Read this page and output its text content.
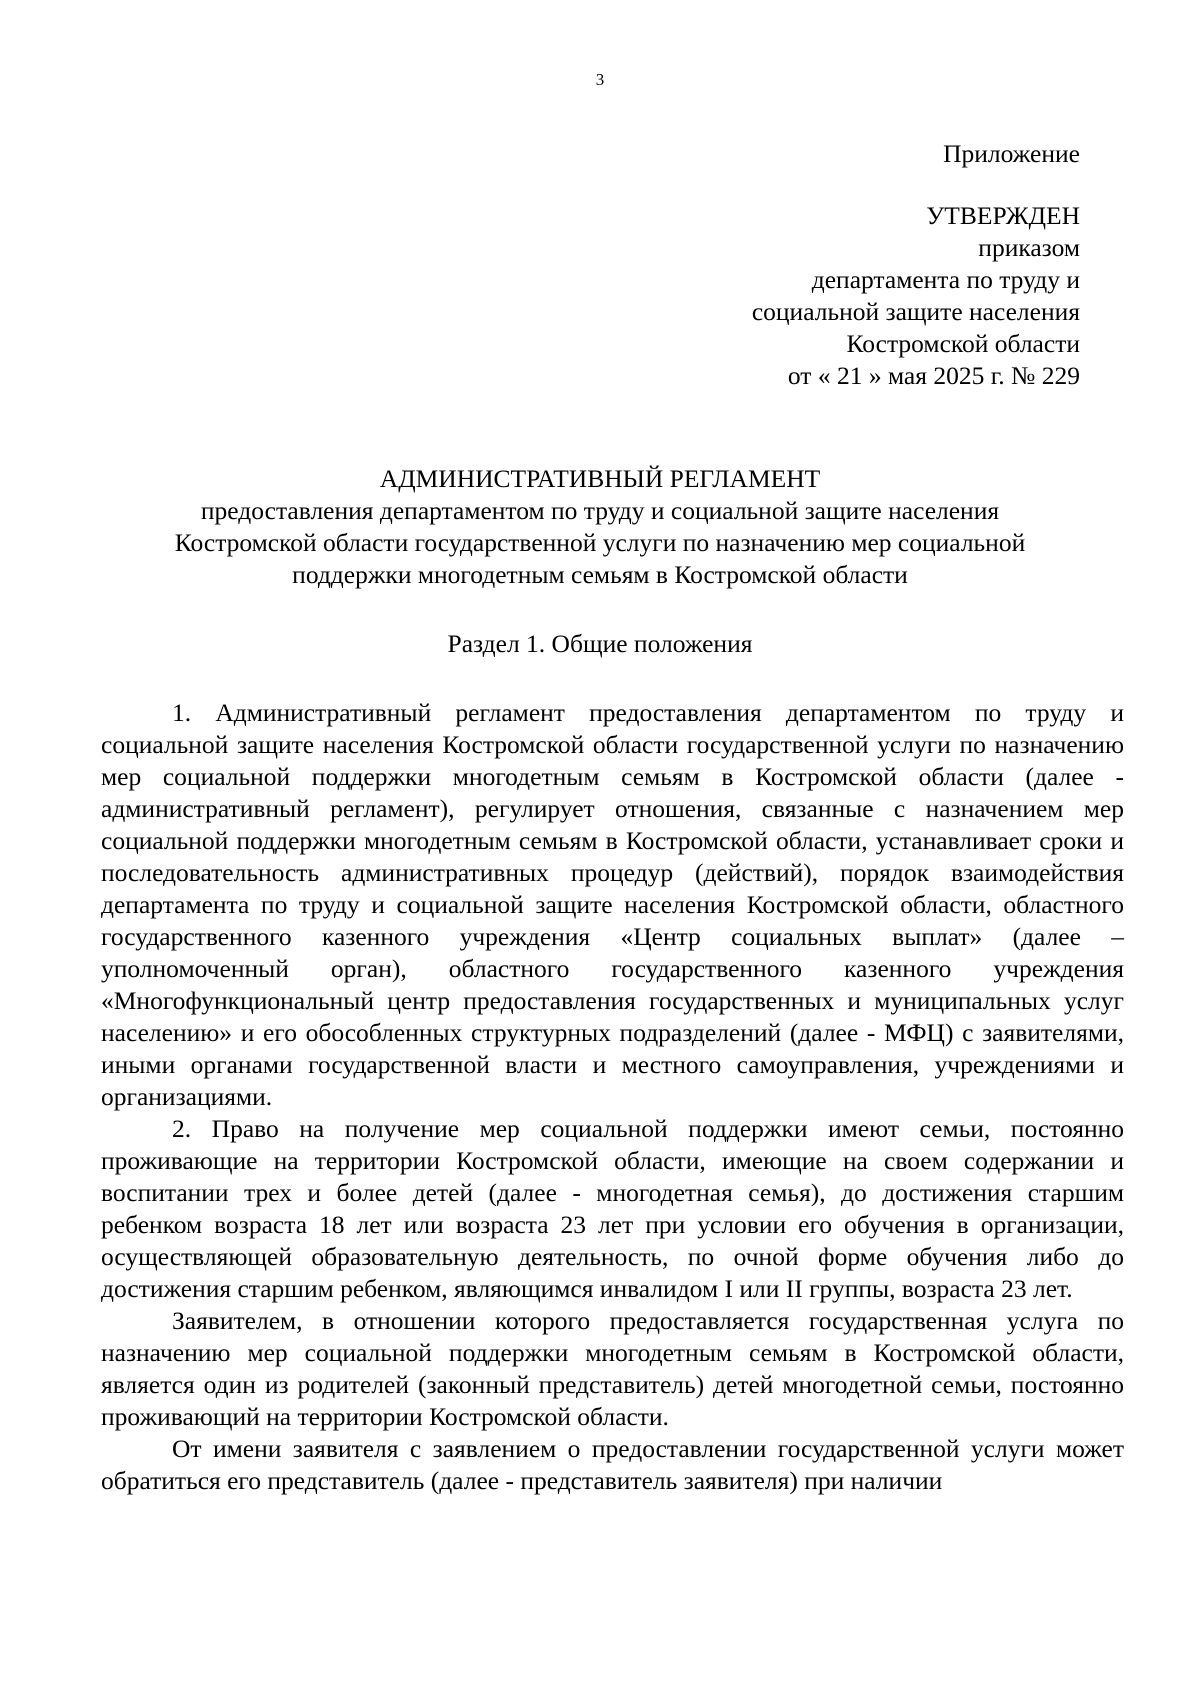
3
Приложение
УТВЕРЖДЕН
приказом
департамента по труду и
социальной защите населения
Костромской области
от « 21 » мая 2025 г. № 229
АДМИНИСТРАТИВНЫЙ РЕГЛАМЕНТ
предоставления департаментом по труду и социальной защите населения
Костромской области государственной услуги по назначению мер социальной
поддержки многодетным семьям в Костромской области
Раздел 1. Общие положения

1. Административный регламент предоставления департаментом по труду и социальной защите населения Костромской области государственной услуги по назначению мер социальной поддержки многодетным семьям в Костромской области (далее - административный регламент), регулирует отношения, связанные с назначением мер социальной поддержки многодетным семьям в Костромской области, устанавливает сроки и последовательность административных процедур (действий), порядок взаимодействия департамента по труду и социальной защите населения Костромской области, областного государственного казенного учреждения «Центр социальных выплат» (далее – уполномоченный орган), областного государственного казенного учреждения «Многофункциональный центр предоставления государственных и муниципальных услуг населению» и его обособленных структурных подразделений (далее - МФЦ) с заявителями, иными органами государственной власти и местного самоуправления, учреждениями и организациями.

2. Право на получение мер социальной поддержки имеют семьи, постоянно проживающие на территории Костромской области, имеющие на своем содержании и воспитании трех и более детей (далее - многодетная семья), до достижения старшим ребенком возраста 18 лет или возраста 23 лет при условии его обучения в организации, осуществляющей образовательную деятельность, по очной форме обучения либо до достижения старшим ребенком, являющимся инвалидом I или II группы, возраста 23 лет.

Заявителем, в отношении которого предоставляется государственная услуга по назначению мер социальной поддержки многодетным семьям в Костромской области, является один из родителей (законный представитель) детей многодетной семьи, постоянно проживающий на территории Костромской области.

От имени заявителя с заявлением о предоставлении государственной услуги может обратиться его представитель (далее - представитель заявителя) при наличии
